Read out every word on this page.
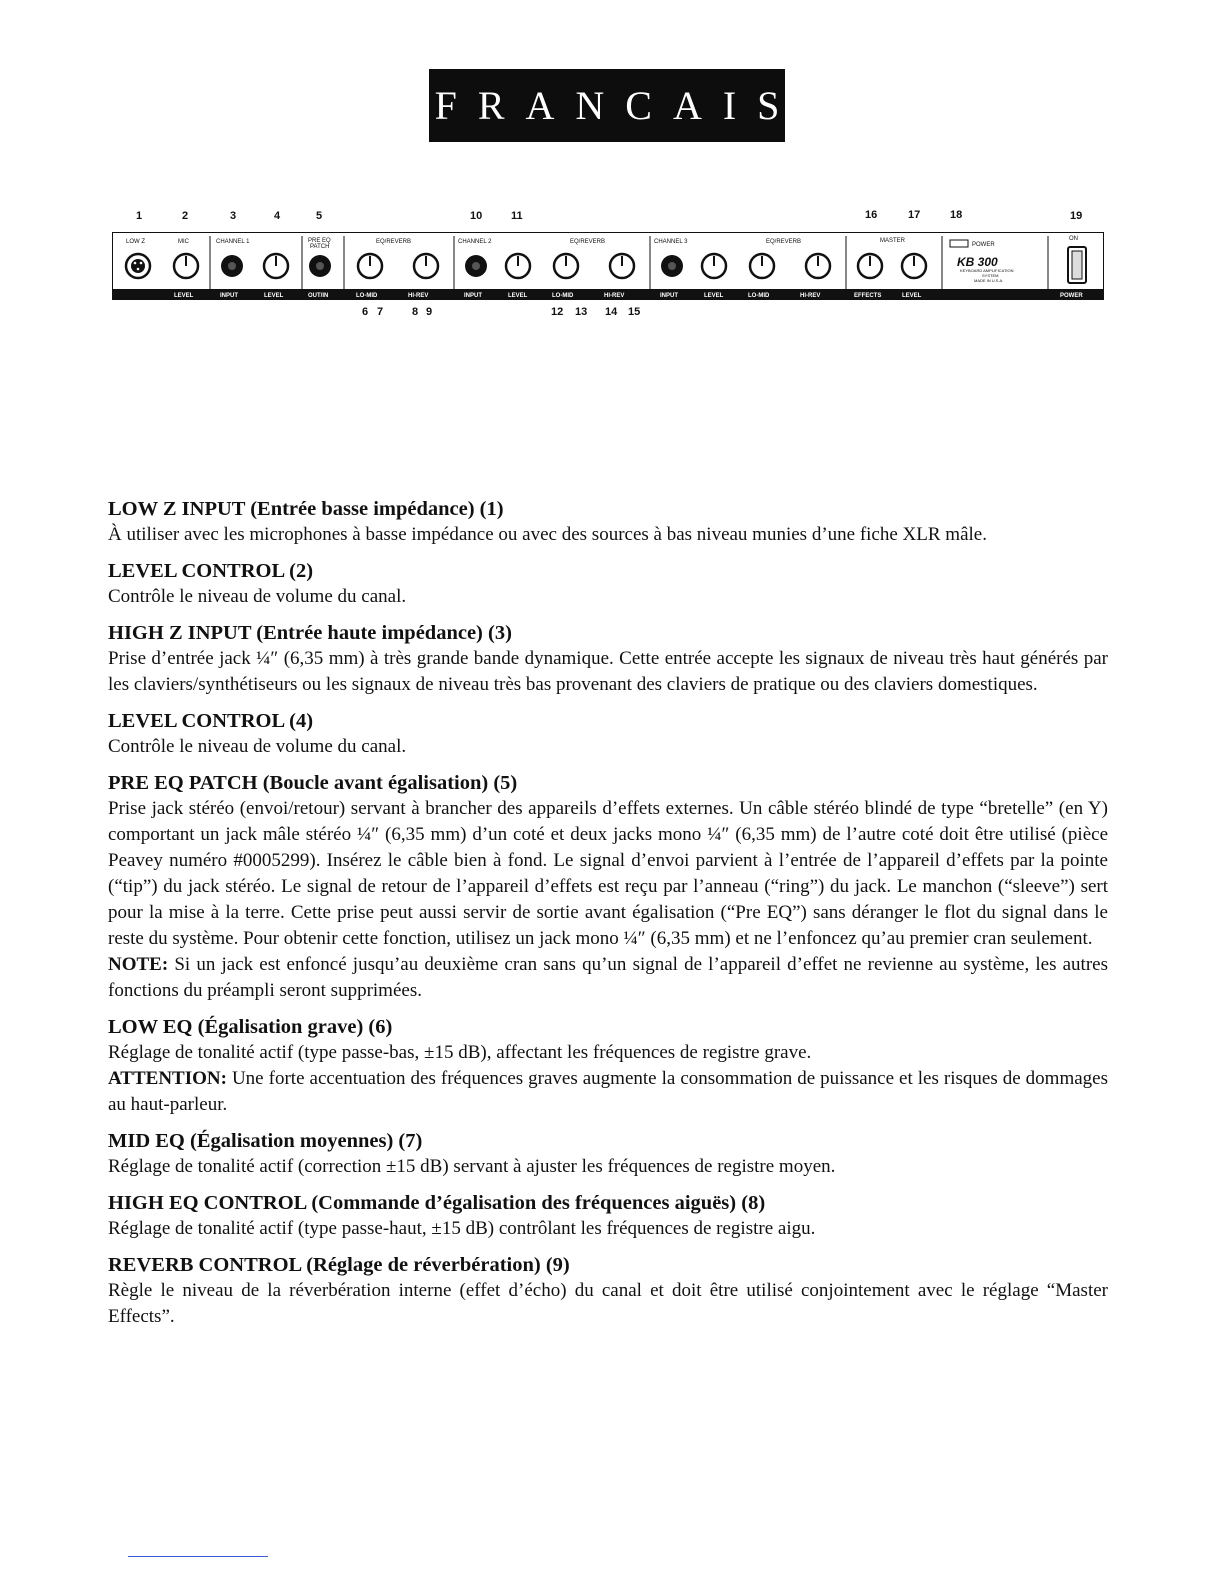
FRANCAIS
1	2	3	4	5	10	11	16	17	18	19
6 7	8 9	12 13 14 15
LOW Z	MIC	CHANNEL 1	PRE EQ
PATCH
EQ/REVERB	CHANNEL 2	EQ/REVERB	CHANNEL 3	EQ/REVERB	MASTER
POWER
ON
KB 300
KEYBOARD AMPLIFICATION
SYSTEM
MADE IN U.S.A.
LEVEL	INPUT	LEVEL	OUT/IN	LO-MID	HI-REV	INPUT	LEVEL	LO-MID	HI-REV	INPUT	LEVEL	LO-MID	HI-REV	EFFECTS	LEVEL	POWER
LOW Z INPUT (Entrée basse impédance) (1)

À utiliser avec les microphones à basse impédance ou avec des sources à bas niveau munies d’une fiche XLR mâle.

LEVEL CONTROL (2)

Contrôle le niveau de volume du canal.

HIGH Z INPUT (Entrée haute impédance) (3)

Prise d’entrée jack ¼″ (6,35 mm) à très grande bande dynamique. Cette entrée accepte les signaux de niveau très haut générés par les claviers/synthétiseurs ou les signaux de niveau très bas provenant des claviers de pratique ou des claviers domestiques.

LEVEL CONTROL (4)

Contrôle le niveau de volume du canal.

PRE EQ PATCH (Boucle avant égalisation) (5)

Prise jack stéréo (envoi/retour) servant à brancher des appareils d’effets externes. Un câble stéréo blindé de type “bretelle” (en Y) comportant un jack mâle stéréo ¼″ (6,35 mm) d’un coté et deux jacks mono ¼″ (6,35 mm) de l’autre coté doit être utilisé (pièce Peavey numéro #0005299). Insérez le câble bien à fond. Le signal d’envoi parvient à l’entrée de l’appareil d’effets par la pointe (“tip”) du jack stéréo. Le signal de retour de l’appareil d’effets est reçu par l’anneau (“ring”) du jack. Le manchon (“sleeve”) sert pour la mise à la terre. Cette prise peut aussi servir de sortie avant égalisation (“Pre EQ”) sans déranger le flot du signal dans le reste du système. Pour obtenir cette fonction, utilisez un jack mono ¼″ (6,35 mm) et ne l’enfoncez qu’au premier cran seulement.

NOTE: Si un jack est enfoncé jusqu’au deuxième cran sans qu’un signal de l’appareil d’effet ne revienne au système, les autres fonctions du préampli seront supprimées.

LOW EQ (Égalisation grave) (6)

Réglage de tonalité actif (type passe-bas, ±15 dB), affectant les fréquences de registre grave.

ATTENTION: Une forte accentuation des fréquences graves augmente la consommation de puissance et les risques de dommages au haut-parleur.

MID EQ (Égalisation moyennes) (7)

Réglage de tonalité actif (correction ±15 dB) servant à ajuster les fréquences de registre moyen.

HIGH EQ CONTROL (Commande d’égalisation des fréquences aiguës) (8)

Réglage de tonalité actif (type passe-haut, ±15 dB) contrôlant les fréquences de registre aigu.

REVERB CONTROL (Réglage de réverbération) (9)

Règle le niveau de la réverbération interne (effet d’écho) du canal et doit être utilisé conjointement avec le réglage “Master Effects”.
